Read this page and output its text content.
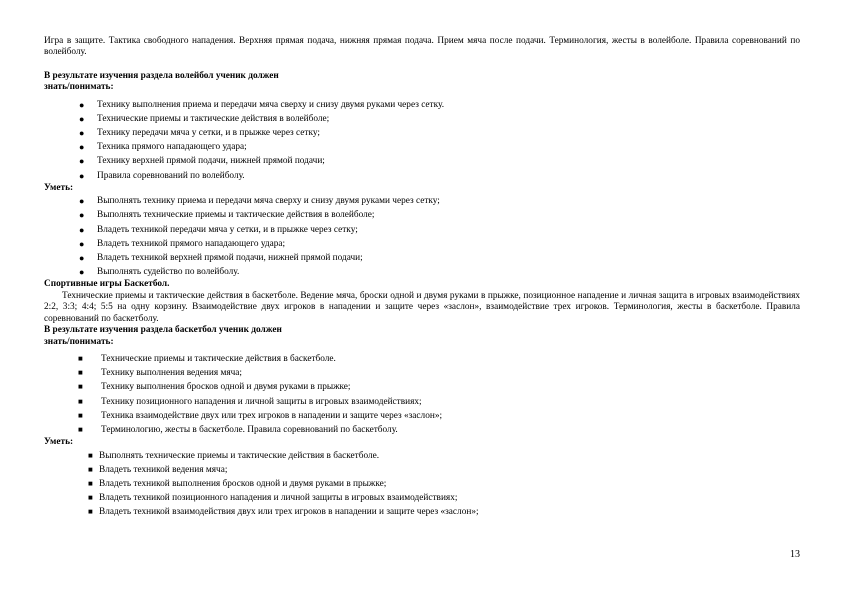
Игра в защите. Тактика свободного нападения. Верхняя прямая подача, нижняя прямая подача. Прием мяча после подачи. Терминология, жесты в волейболе. Правила соревнований по волейболу.

В результате изучения раздела волейбол ученик должен

знать/понимать:

● Технику выполнения приема и передачи мяча сверху и снизу двумя руками через сетку.
● Технические приемы и тактические действия в волейболе;
● Технику передачи мяча у сетки, и в прыжке через сетку;
● Техника прямого нападающего удара;
● Технику верхней прямой подачи, нижней прямой подачи;
● Правила соревнований по волейболу.

Уметь:

● Выполнять технику приема и передачи мяча сверху и снизу двумя руками через сетку;
● Выполнять технические приемы и тактические действия в волейболе;
● Владеть техникой передачи мяча у сетки, и в прыжке через сетку;
● Владеть техникой прямого нападающего удара;
● Владеть техникой верхней прямой подачи, нижней прямой подачи;
● Выполнять судейство по волейболу.

Спортивные игры Баскетбол.

Технические приемы и тактические действия в баскетболе. Ведение мяча, броски одной и двумя руками в прыжке, позиционное нападение и личная защита в игровых взаимодействиях 2:2, 3:3; 4:4; 5:5 на одну корзину. Взаимодействие двух игроков в нападении и защите через «заслон», взаимодействие трех игроков. Терминология, жесты в баскетболе. Правила соревнований по баскетболу.

В результате изучения раздела баскетбол ученик должен

знать/понимать:

■ Технические приемы и тактические действия в баскетболе.
■ Технику выполнения ведения мяча;
■ Технику выполнения бросков одной и двумя руками в прыжке;
■ Технику позиционного нападения и личной защиты в игровых взаимодействиях;
■ Техника взаимодействие двух или трех игроков в нападении и защите через «заслон»;
■ Терминологию, жесты в баскетболе. Правила соревнований по баскетболу.

Уметь:

■ Выполнять технические приемы и тактические действия в баскетболе.
■ Владеть техникой ведения мяча;
■ Владеть техникой выполнения бросков одной и двумя руками в прыжке;
■ Владеть техникой позиционного нападения и личной защиты в игровых взаимодействиях;
■ Владеть техникой взаимодействия двух или трех игроков в нападении и защите через «заслон»;
13
